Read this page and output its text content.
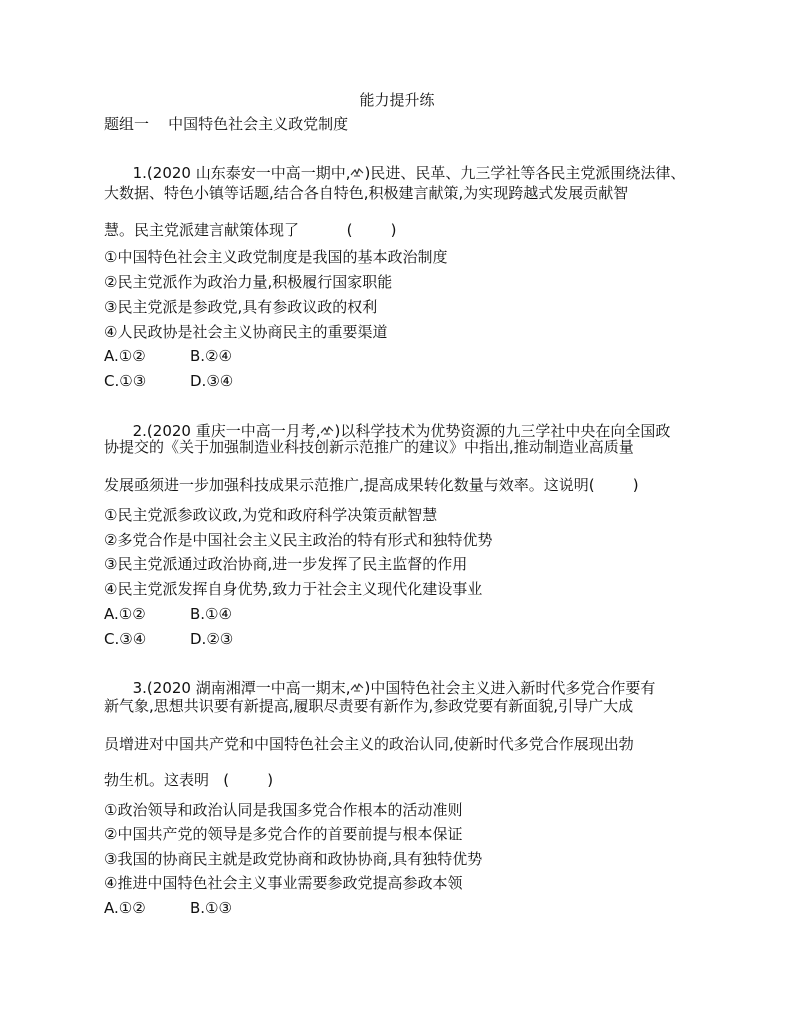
能力提升练
题组一    中国特色社会主义政党制度

1.(2020 山东泰安一中高一期中, )民进、民革、九三学社等各民主党派围绕法律、

大数据、特色小镇等话题,结合各自特色,积极建言献策,为实现跨越式发展贡献智
慧。民主党派建言献策体现了          (        )
①中国特色社会主义政党制度是我国的基本政治制度
②民主党派作为政治力量,积极履行国家职能
③民主党派是参政党,具有参政议政的权利
④人民政协是社会主义协商民主的重要渠道
A.①②	B.②④
C.①③	D.③④

2.(2020 重庆一中高一月考, )以科学技术为优势资源的九三学社中央在向全国政

协提交的《关于加强制造业科技创新示范推广的建议》中指出,推动制造业高质量
发展亟须进一步加强科技成果示范推广,提高成果转化数量与效率。这说明(        )
①民主党派参政议政,为党和政府科学决策贡献智慧
②多党合作是中国社会主义民主政治的特有形式和独特优势
③民主党派通过政治协商,进一步发挥了民主监督的作用
④民主党派发挥自身优势,致力于社会主义现代化建设事业
A.①②	B.①④
C.③④	D.②③

3.(2020 湖南湘潭一中高一期末, )中国特色社会主义进入新时代多党合作要有

新气象,思想共识要有新提高,履职尽责要有新作为,参政党要有新面貌,引导广大成
员增进对中国共产党和中国特色社会主义的政治认同,使新时代多党合作展现出勃
勃生机。这表明   (        )
①政治领导和政治认同是我国多党合作根本的活动准则
②中国共产党的领导是多党合作的首要前提与根本保证
③我国的协商民主就是政党协商和政协协商,具有独特优势
④推进中国特色社会主义事业需要参政党提高参政本领
A.①②	B.①③
